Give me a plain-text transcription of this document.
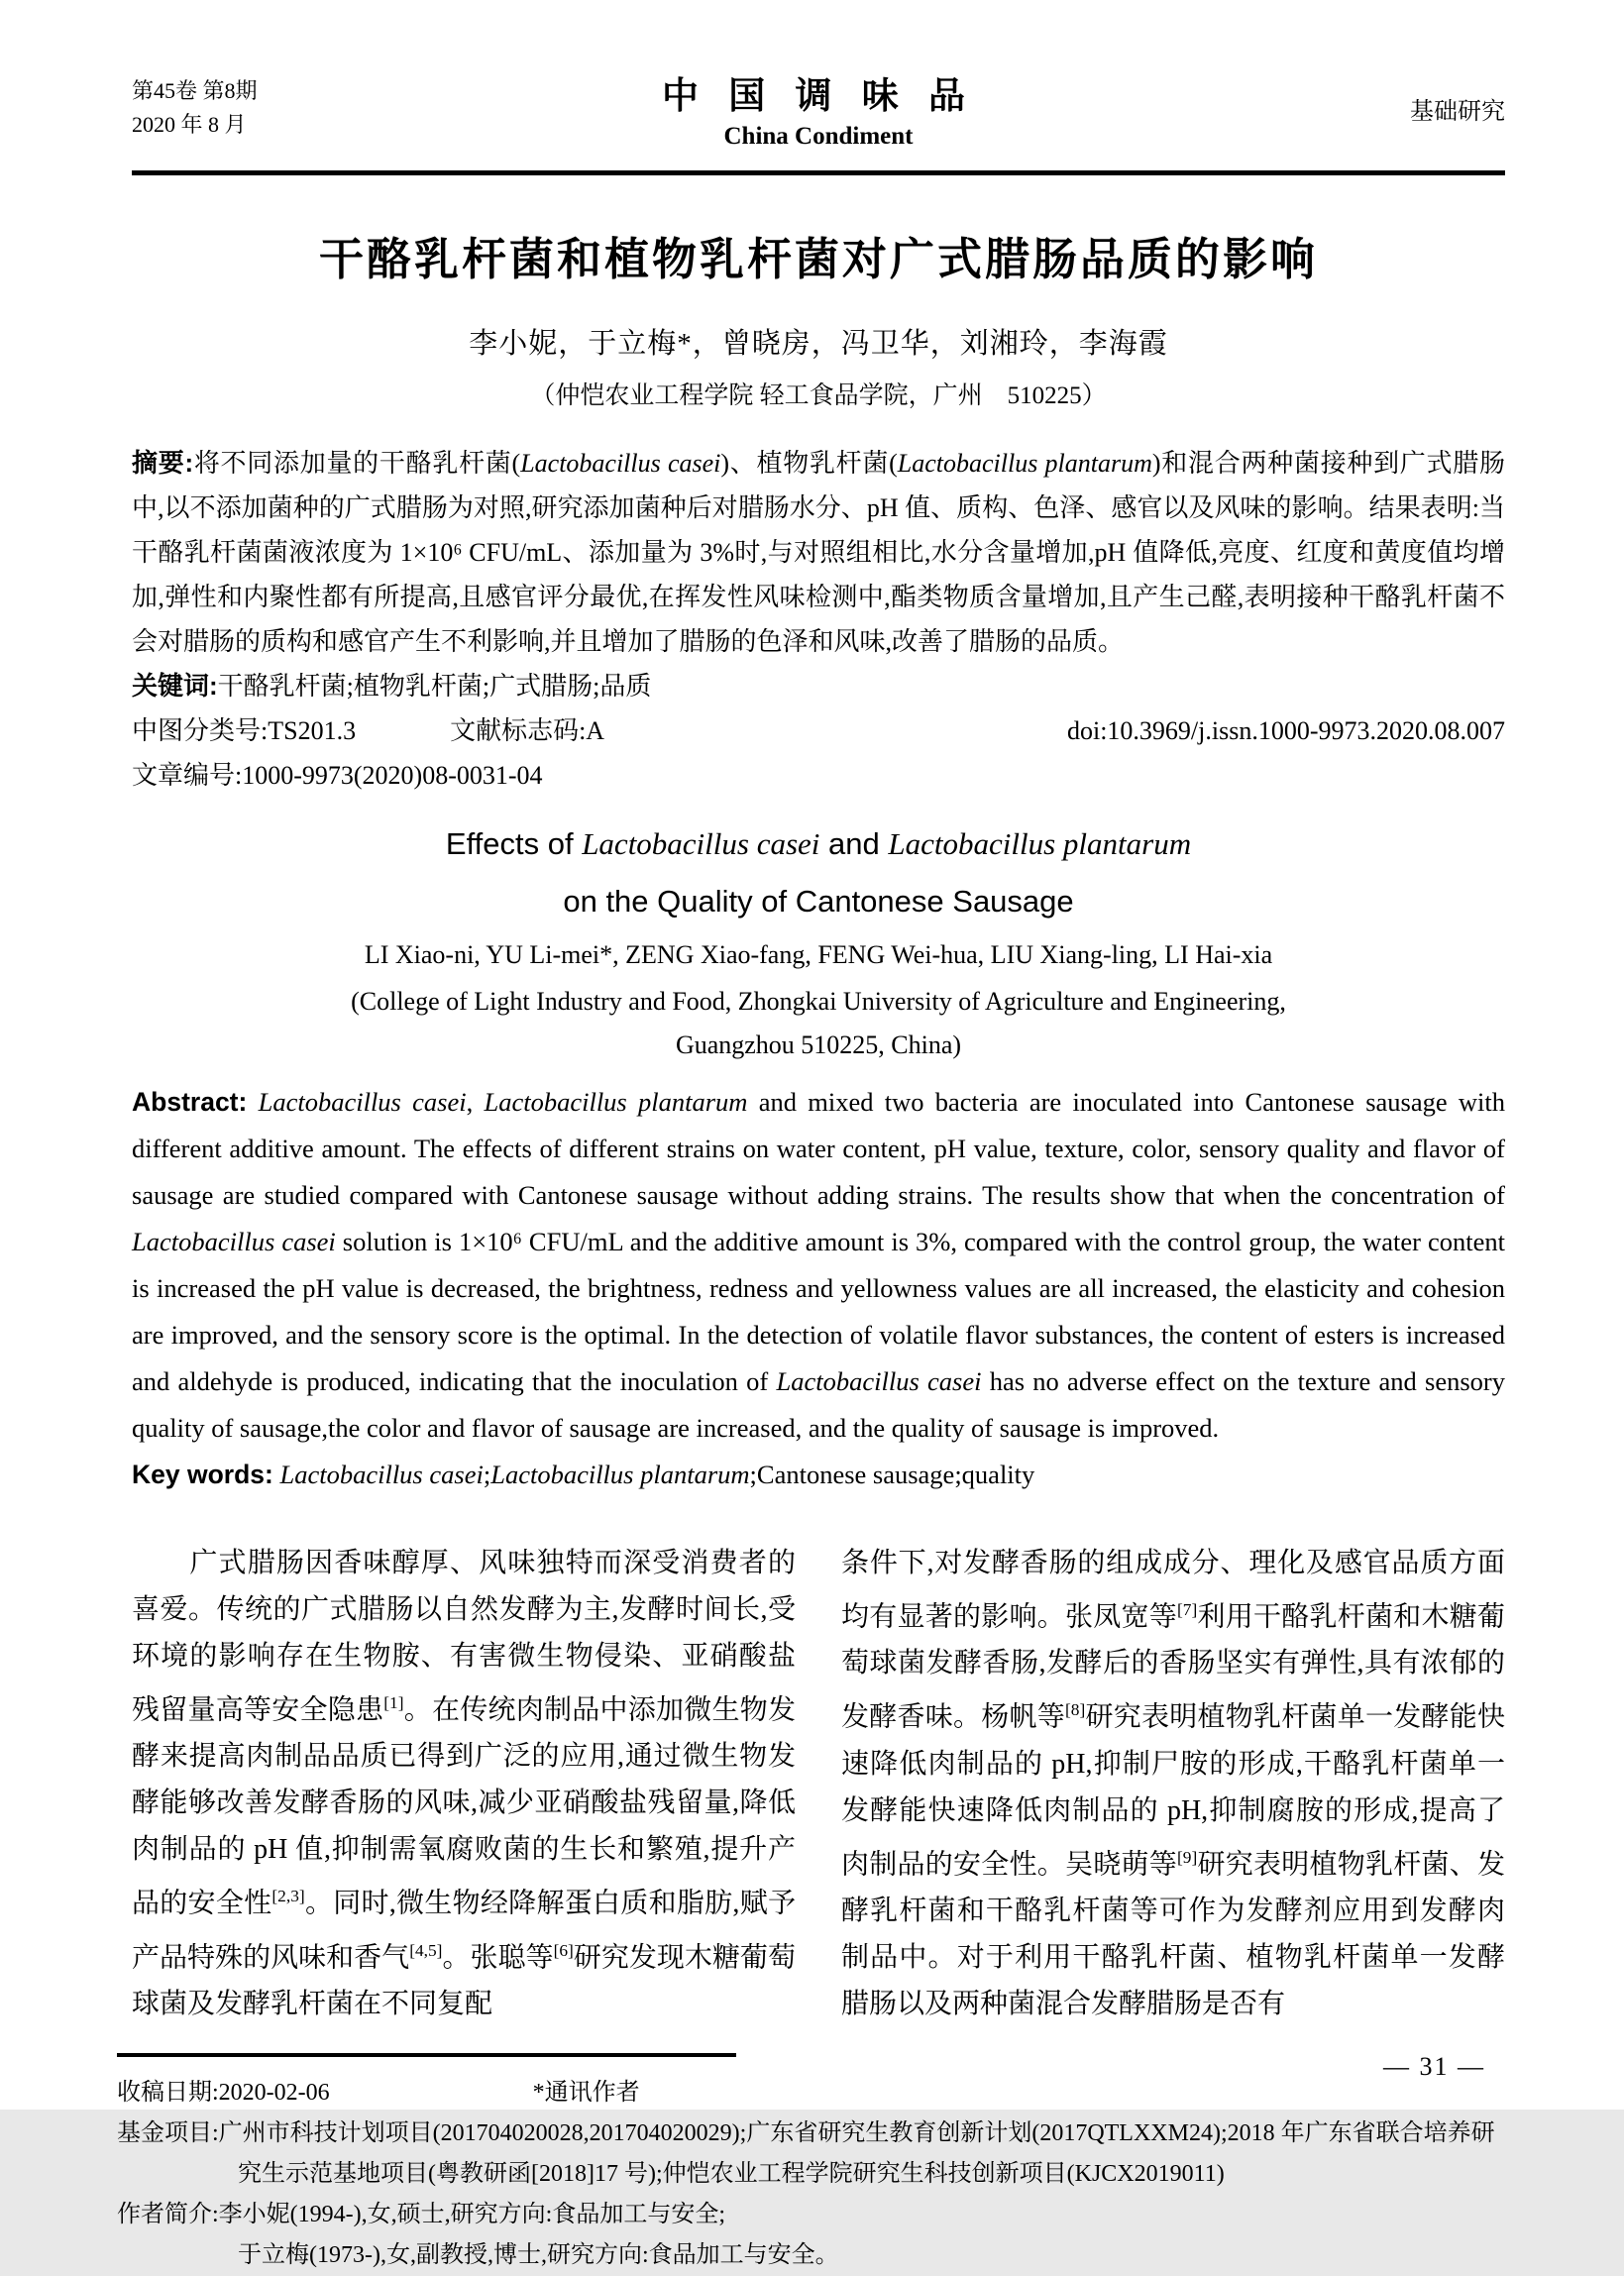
第45卷 第8期
2020 年 8 月
中 国 调 味 品
China Condiment
基础研究
干酪乳杆菌和植物乳杆菌对广式腊肠品质的影响
李小妮，于立梅*，曾晓房，冯卫华，刘湘玲，李海霞
（仲恺农业工程学院 轻工食品学院，广州　510225）
摘要:将不同添加量的干酪乳杆菌(Lactobacillus casei)、植物乳杆菌(Lactobacillus plantarum)和混合两种菌接种到广式腊肠中,以不添加菌种的广式腊肠为对照,研究添加菌种后对腊肠水分、pH 值、质构、色泽、感官以及风味的影响。结果表明:当干酪乳杆菌菌液浓度为 1×10⁶ CFU/mL、添加量为 3%时,与对照组相比,水分含量增加,pH 值降低,亮度、红度和黄度值均增加,弹性和内聚性都有所提高,且感官评分最优,在挥发性风味检测中,酯类物质含量增加,且产生己醛,表明接种干酪乳杆菌不会对腊肠的质构和感官产生不利影响,并且增加了腊肠的色泽和风味,改善了腊肠的品质。
关键词:干酪乳杆菌;植物乳杆菌;广式腊肠;品质
中图分类号:TS201.3	文献标志码:A	doi:10.3969/j.issn.1000-9973.2020.08.007
文章编号:1000-9973(2020)08-0031-04
Effects of Lactobacillus casei and Lactobacillus plantarum
on the Quality of Cantonese Sausage
LI Xiao-ni, YU Li-mei*, ZENG Xiao-fang, FENG Wei-hua, LIU Xiang-ling, LI Hai-xia
(College of Light Industry and Food, Zhongkai University of Agriculture and Engineering,
Guangzhou 510225, China)
Abstract: Lactobacillus casei, Lactobacillus plantarum and mixed two bacteria are inoculated into Cantonese sausage with different additive amount. The effects of different strains on water content, pH value, texture, color, sensory quality and flavor of sausage are studied compared with Cantonese sausage without adding strains. The results show that when the concentration of Lactobacillus casei solution is 1×10⁶ CFU/mL and the additive amount is 3%, compared with the control group, the water content is increased the pH value is decreased, the brightness, redness and yellowness values are all increased, the elasticity and cohesion are improved, and the sensory score is the optimal. In the detection of volatile flavor substances, the content of esters is increased and aldehyde is produced, indicating that the inoculation of Lactobacillus casei has no adverse effect on the texture and sensory quality of sausage,the color and flavor of sausage are increased, and the quality of sausage is improved.
Key words: Lactobacillus casei;Lactobacillus plantarum;Cantonese sausage;quality
　　广式腊肠因香味醇厚、风味独特而深受消费者的喜爱。传统的广式腊肠以自然发酵为主,发酵时间长,受环境的影响存在生物胺、有害微生物侵染、亚硝酸盐残留量高等安全隐患[1]。在传统肉制品中添加微生物发酵来提高肉制品品质已得到广泛的应用,通过微生物发酵能够改善发酵香肠的风味,减少亚硝酸盐残留量,降低肉制品的 pH 值,抑制需氧腐败菌的生长和繁殖,提升产品的安全性[2,3]。同时,微生物经降解蛋白质和脂肪,赋予产品特殊的风味和香气[4,5]。张聪等[6]研究发现木糖葡萄球菌及发酵乳杆菌在不同复配
条件下,对发酵香肠的组成成分、理化及感官品质方面均有显著的影响。张凤宽等[7]利用干酪乳杆菌和木糖葡萄球菌发酵香肠,发酵后的香肠坚实有弹性,具有浓郁的发酵香味。杨帆等[8]研究表明植物乳杆菌单一发酵能快速降低肉制品的 pH,抑制尸胺的形成,干酪乳杆菌单一发酵能快速降低肉制品的 pH,抑制腐胺的形成,提高了肉制品的安全性。吴晓萌等[9]研究表明植物乳杆菌、发酵乳杆菌和干酪乳杆菌等可作为发酵剂应用到发酵肉制品中。对于利用干酪乳杆菌、植物乳杆菌单一发酵腊肠以及两种菌混合发酵腊肠是否有
收稿日期:2020-02-06	*通讯作者
基金项目:广州市科技计划项目(201704020028,201704020029);广东省研究生教育创新计划(2017QTLXXM24);2018 年广东省联合培养研究生示范基地项目(粤教研函[2018]17 号);仲恺农业工程学院研究生科技创新项目(KJCX2019011)
作者简介:李小妮(1994-),女,硕士,研究方向:食品加工与安全;
于立梅(1973-),女,副教授,博士,研究方向:食品加工与安全。
— 31 —
